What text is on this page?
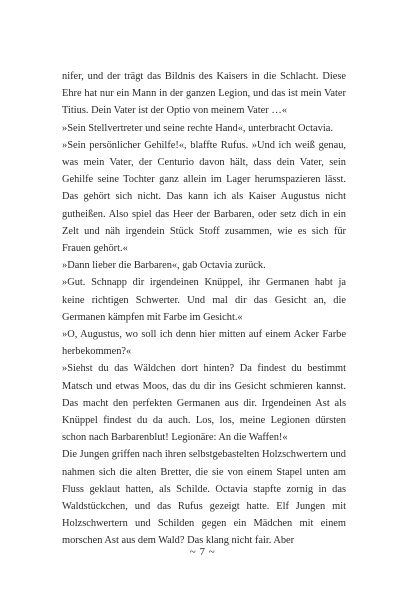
nifer, und der trägt das Bildnis des Kaisers in die Schlacht. Diese Ehre hat nur ein Mann in der ganzen Legion, und das ist mein Vater Titius. Dein Vater ist der Optio von meinem Vater …«

»Sein Stellvertreter und seine rechte Hand«, unterbracht Octavia.

»Sein persönlicher Gehilfe!«, blaffte Rufus. »Und ich weiß genau, was mein Vater, der Centurio davon hält, dass dein Vater, sein Gehilfe seine Tochter ganz allein im Lager herumspazieren lässt. Das gehört sich nicht. Das kann ich als Kaiser Augustus nicht gutheißen. Also spiel das Heer der Barbaren, oder setz dich in ein Zelt und näh irgendein Stück Stoff zusammen, wie es sich für Frauen gehört.«

»Dann lieber die Barbaren«, gab Octavia zurück.

»Gut. Schnapp dir irgendeinen Knüppel, ihr Germanen habt ja keine richtigen Schwerter. Und mal dir das Gesicht an, die Germanen kämpfen mit Farbe im Gesicht.«

»O, Augustus, wo soll ich denn hier mitten auf einem Acker Farbe herbekommen?«

»Siehst du das Wäldchen dort hinten? Da findest du bestimmt Matsch und etwas Moos, das du dir ins Gesicht schmieren kannst. Das macht den perfekten Germanen aus dir. Irgendeinen Ast als Knüppel findest du da auch. Los, los, meine Legionen dürsten schon nach Barbarenblut! Legionäre: An die Waffen!«

Die Jungen griffen nach ihren selbstgebastelten Holzschwertern und nahmen sich die alten Bretter, die sie von einem Stapel unten am Fluss geklaut hatten, als Schilde. Octavia stapfte zornig in das Waldstückchen, und das Rufus gezeigt hatte. Elf Jungen mit Holzschwertern und Schilden gegen ein Mädchen mit einem morschen Ast aus dem Wald? Das klang nicht fair. Aber

~ 7 ~
